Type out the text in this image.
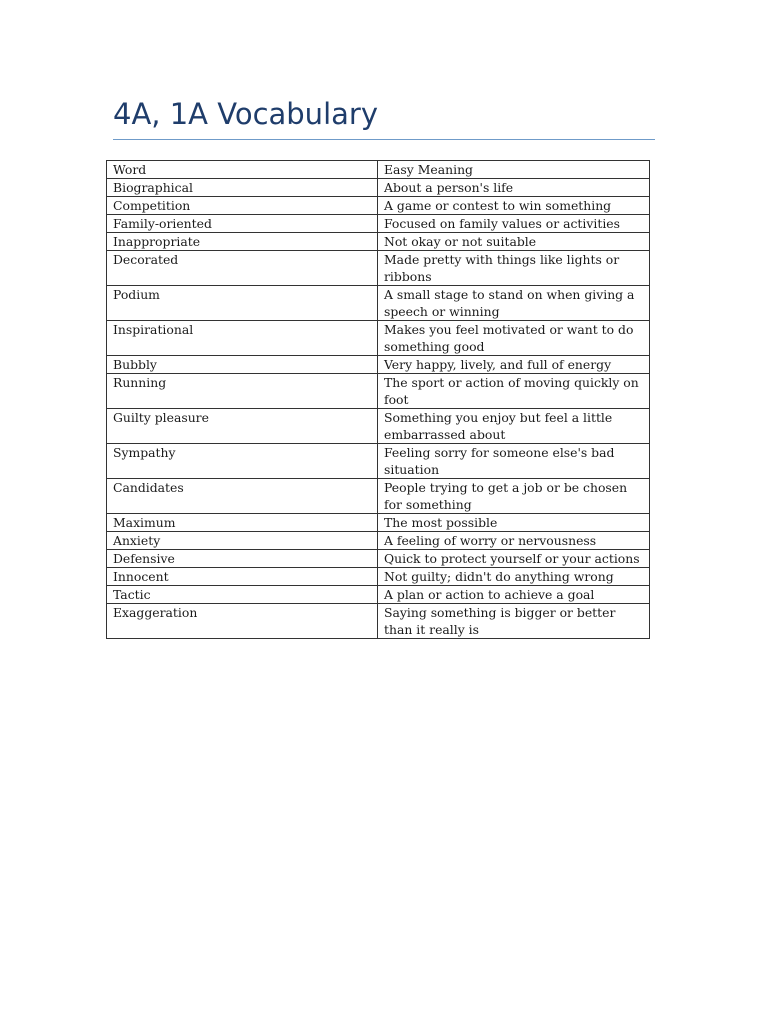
4A, 1A Vocabulary
Word	Easy Meaning
Biographical	About a person's life
Competition	A game or contest to win something
Family-oriented	Focused on family values or activities
Inappropriate	Not okay or not suitable
Decorated	Made pretty with things like lights or ribbons
Podium	A small stage to stand on when giving a speech or winning
Inspirational	Makes you feel motivated or want to do something good
Bubbly	Very happy, lively, and full of energy
Running	The sport or action of moving quickly on foot
Guilty pleasure	Something you enjoy but feel a little embarrassed about
Sympathy	Feeling sorry for someone else's bad situation
Candidates	People trying to get a job or be chosen for something
Maximum	The most possible
Anxiety	A feeling of worry or nervousness
Defensive	Quick to protect yourself or your actions
Innocent	Not guilty; didn't do anything wrong
Tactic	A plan or action to achieve a goal
Exaggeration	Saying something is bigger or better than it really is
